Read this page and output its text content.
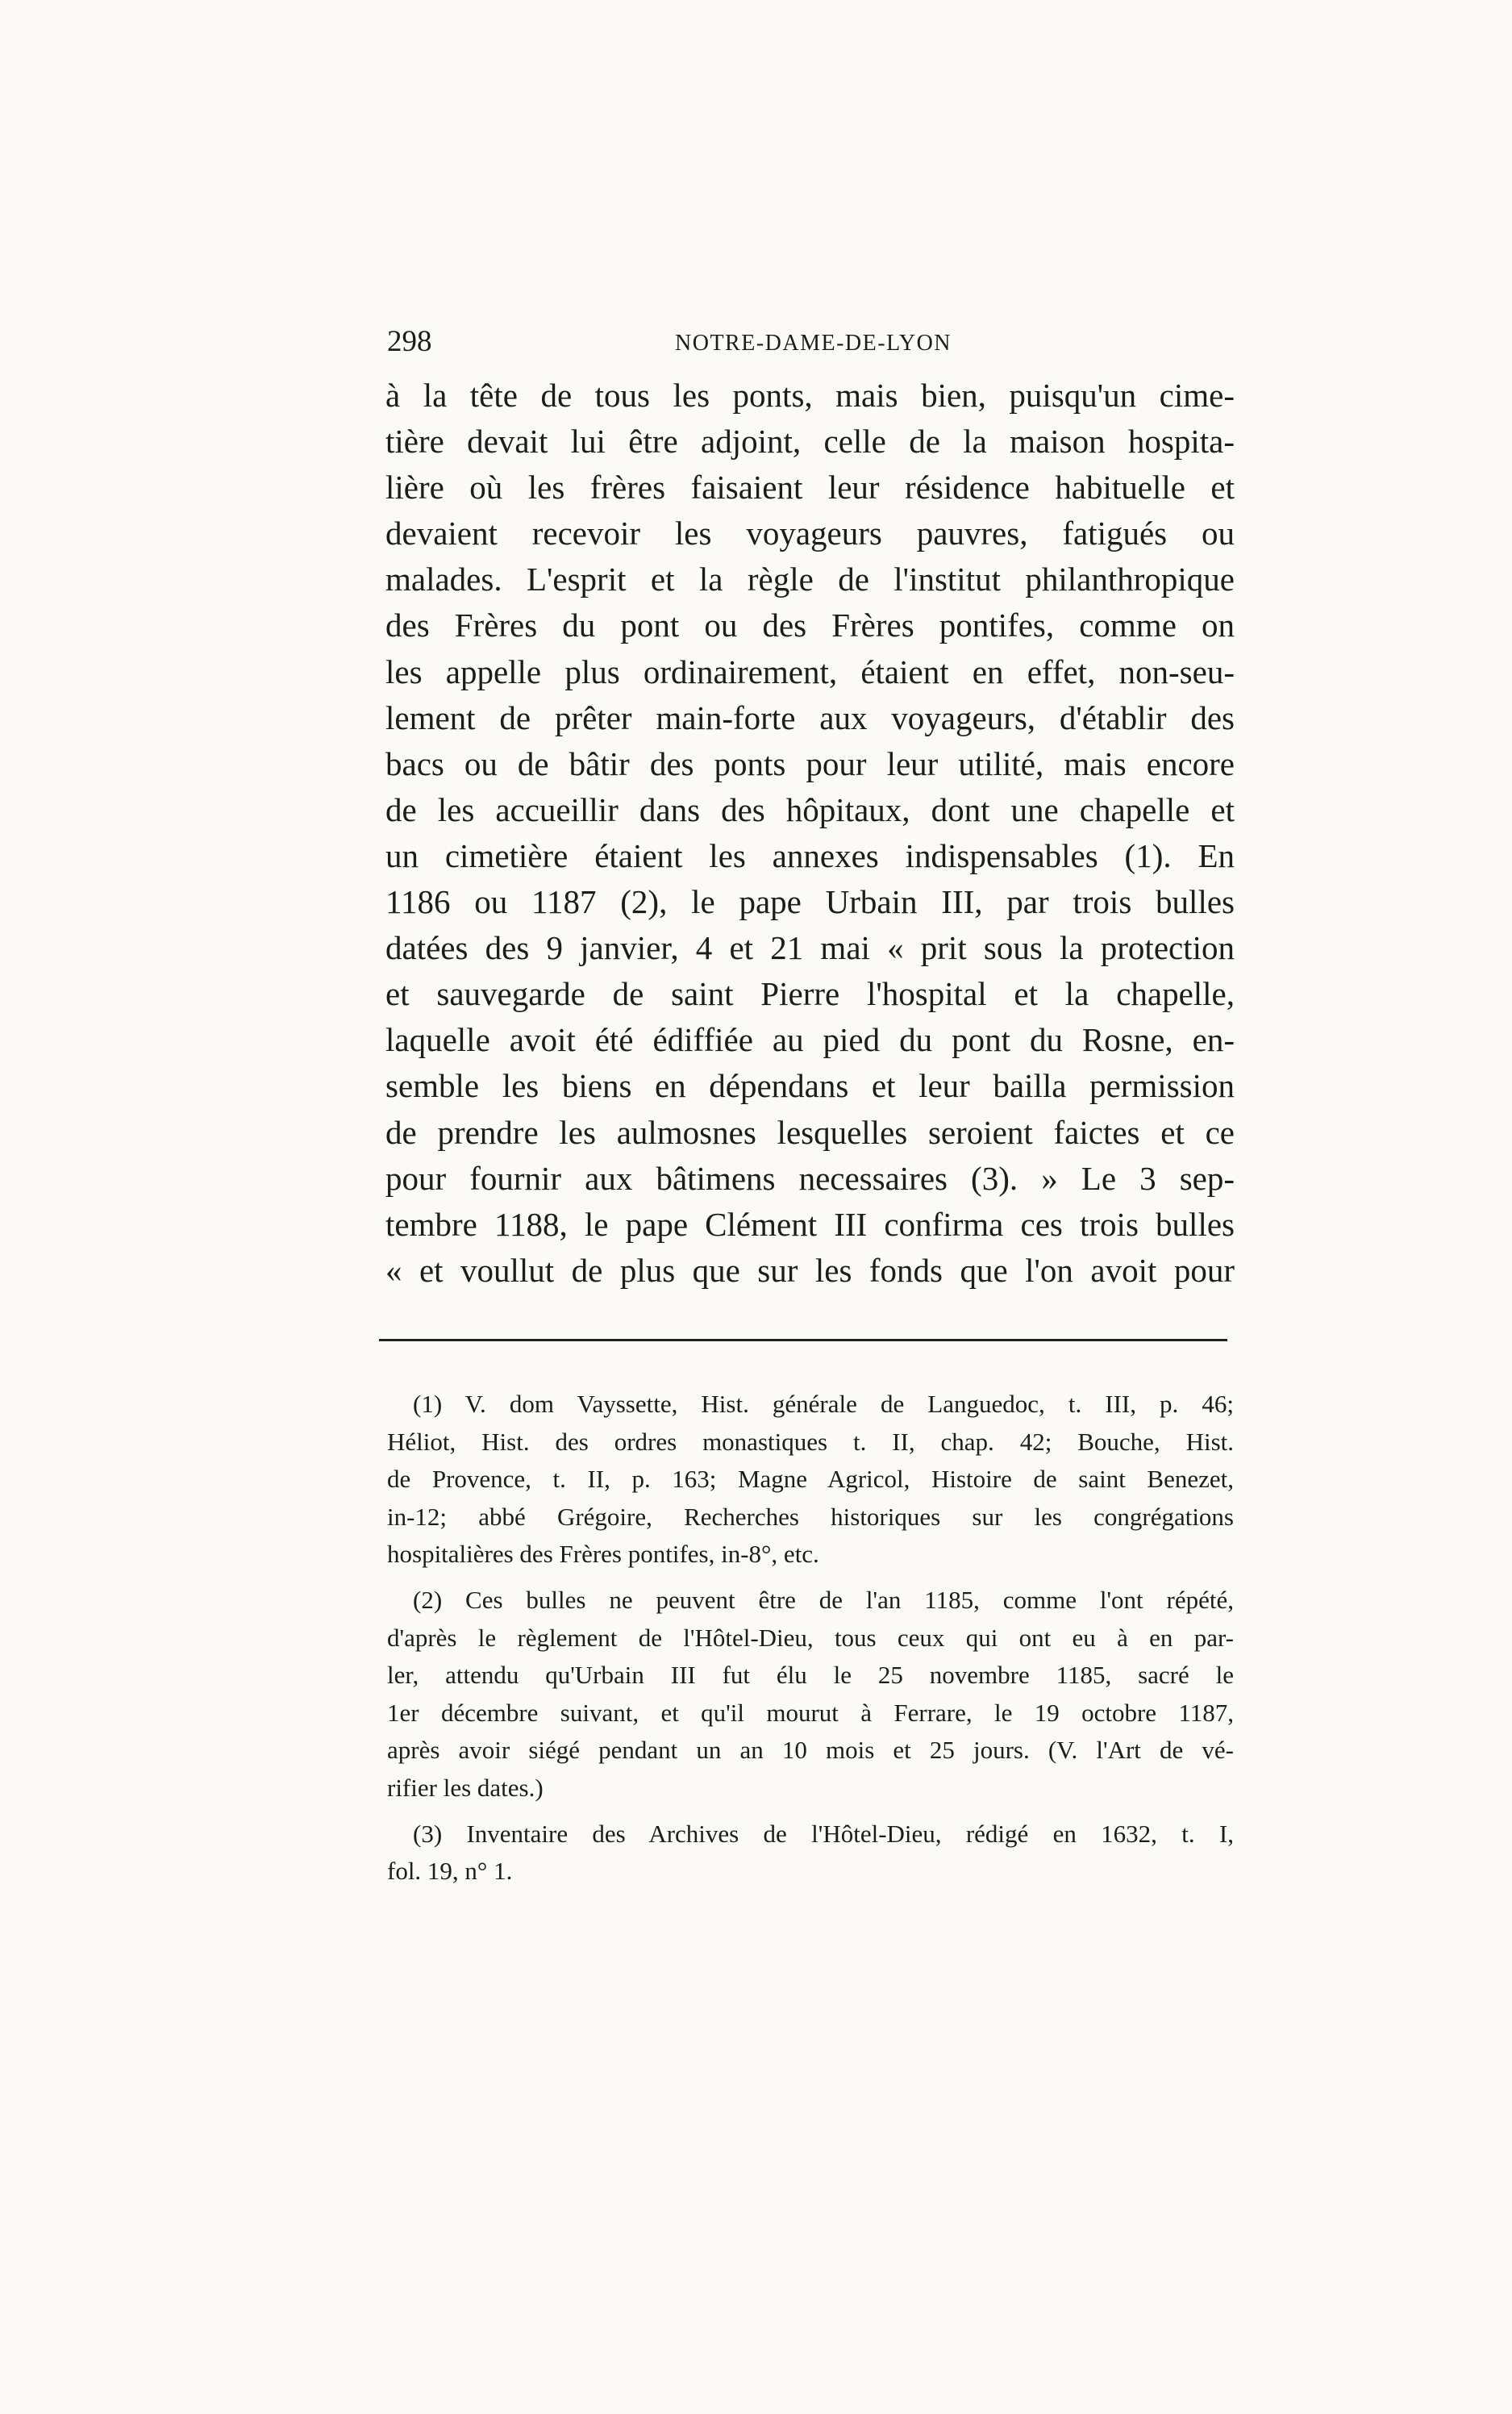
298	NOTRE-DAME-DE-LYON
à la tête de tous les ponts, mais bien, puisqu'un cime-
tière devait lui être adjoint, celle de la maison hospita-
lière où les frères faisaient leur résidence habituelle et
devaient recevoir les voyageurs pauvres, fatigués ou
malades. L'esprit et la règle de l'institut philanthropique
des Frères du pont ou des Frères pontifes, comme on
les appelle plus ordinairement, étaient en effet, non-seu-
lement de prêter main-forte aux voyageurs, d'établir des
bacs ou de bâtir des ponts pour leur utilité, mais encore
de les accueillir dans des hôpitaux, dont une chapelle et
un cimetière étaient les annexes indispensables (1). En
1186 ou 1187 (2), le pape Urbain III, par trois bulles
datées des 9 janvier, 4 et 21 mai « prit sous la protection
et sauvegarde de saint Pierre l'hospital et la chapelle,
laquelle avoit été édiffiée au pied du pont du Rosne, en-
semble les biens en dépendans et leur bailla permission
de prendre les aulmosnes lesquelles seroient faictes et ce
pour fournir aux bâtimens necessaires (3). » Le 3 sep-
tembre 1188, le pape Clément III confirma ces trois bulles
« et voullut de plus que sur les fonds que l'on avoit pour
(1) V. dom Vayssette, Hist. générale de Languedoc, t. III, p. 46;
Héliot, Hist. des ordres monastiques t. II, chap. 42; Bouche, Hist.
de Provence, t. II, p. 163; Magne Agricol, Histoire de saint Benezet,
in-12; abbé Grégoire, Recherches historiques sur les congrégations
hospitalières des Frères pontifes, in-8°, etc.
(2) Ces bulles ne peuvent être de l'an 1185, comme l'ont répété,
d'après le règlement de l'Hôtel-Dieu, tous ceux qui ont eu à en par-
ler, attendu qu'Urbain III fut élu le 25 novembre 1185, sacré le
1er décembre suivant, et qu'il mourut à Ferrare, le 19 octobre 1187,
après avoir siégé pendant un an 10 mois et 25 jours. (V. l'Art de vé-
rifier les dates.)
(3) Inventaire des Archives de l'Hôtel-Dieu, rédigé en 1632, t. I,
fol. 19, n° 1.
